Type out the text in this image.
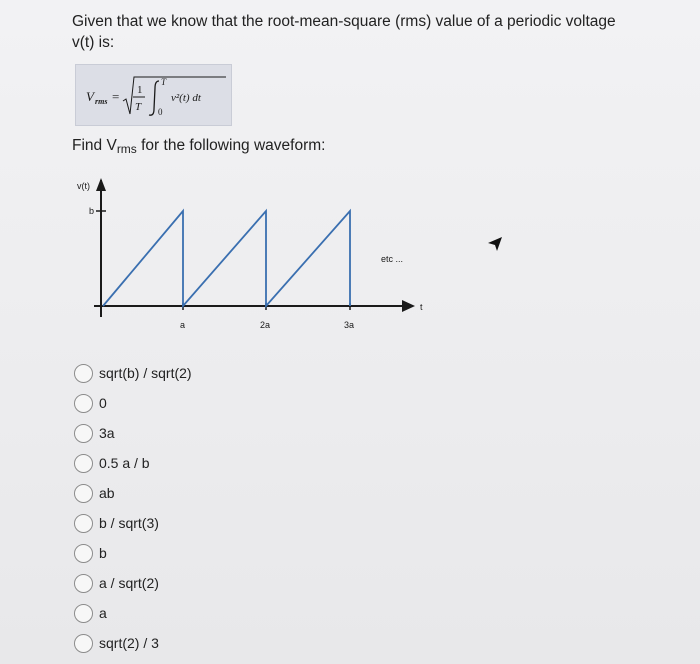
Given that we know that the root-mean-square (rms) value of a periodic voltage v(t) is:
V rms = 1
T
T
0
v²(t) dt
Find $V_{rms}$ for the following waveform:
v(t)
b
t
a	2a	3a
etc ...
sqrt(b) / sqrt(2)
0
3a
0.5 a / b
ab
b / sqrt(3)
b
a / sqrt(2)
a
sqrt(2) / 3
